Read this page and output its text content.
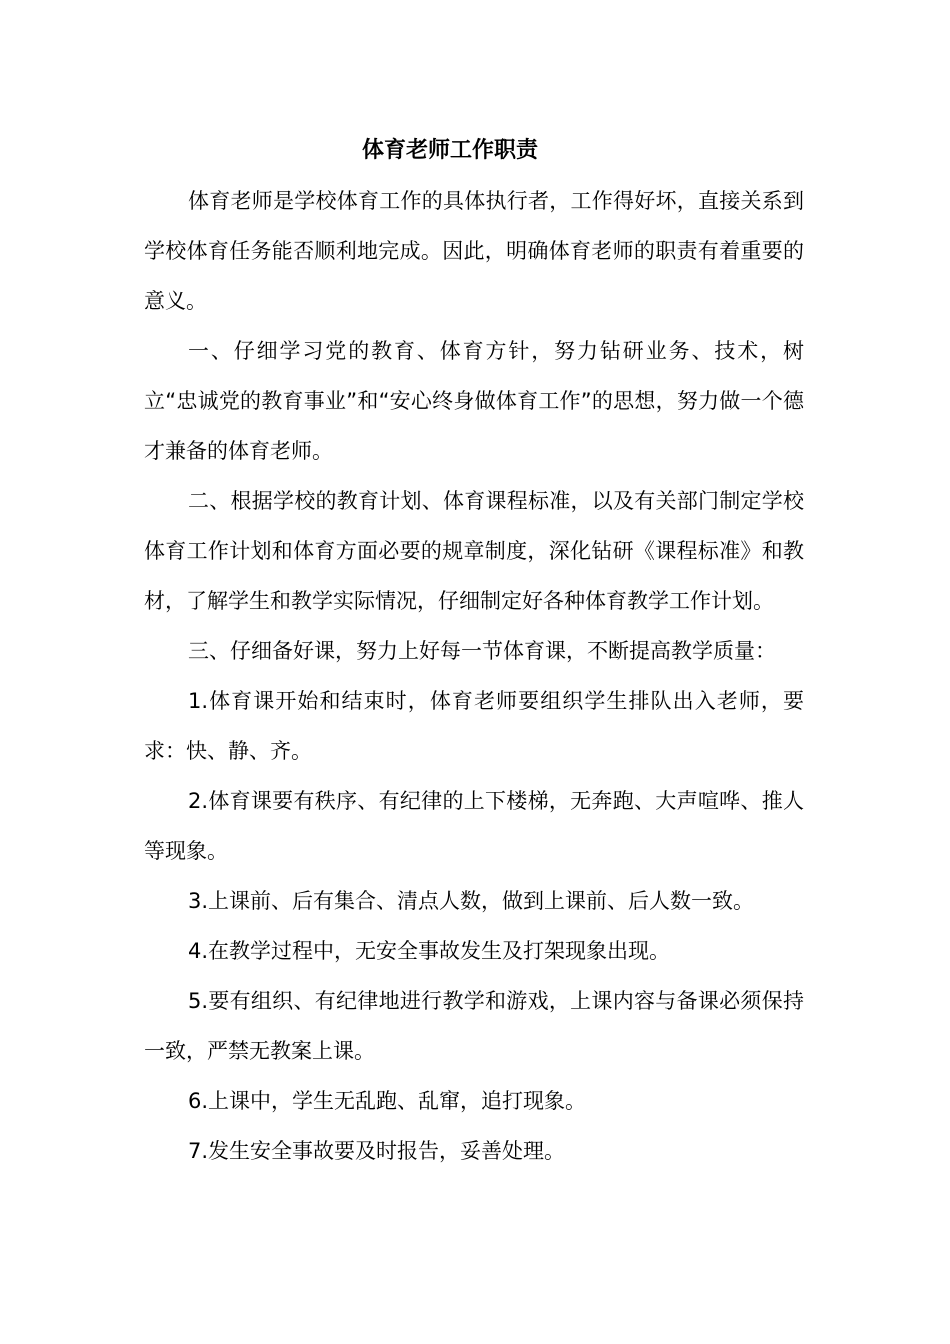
体育老师工作职责

体育老师是学校体育工作的具体执行者，工作得好坏，直接关系到学校体育任务能否顺利地完成。因此，明确体育老师的职责有着重要的意义。

一、仔细学习党的教育、体育方针，努力钻研业务、技术，树立“忠诚党的教育事业”和“安心终身做体育工作”的思想，努力做一个德才兼备的体育老师。

二、根据学校的教育计划、体育课程标准，以及有关部门制定学校体育工作计划和体育方面必要的规章制度，深化钻研《课程标准》和教材，了解学生和教学实际情况，仔细制定好各种体育教学工作计划。

三、仔细备好课，努力上好每一节体育课，不断提高教学质量：

1.体育课开始和结束时，体育老师要组织学生排队出入老师，要求：快、静、齐。

2.体育课要有秩序、有纪律的上下楼梯，无奔跑、大声喧哗、推人等现象。

3.上课前、后有集合、清点人数，做到上课前、后人数一致。

4.在教学过程中，无安全事故发生及打架现象出现。

5.要有组织、有纪律地进行教学和游戏，上课内容与备课必须保持一致，严禁无教案上课。

6.上课中，学生无乱跑、乱窜，追打现象。

7.发生安全事故要及时报告，妥善处理。
